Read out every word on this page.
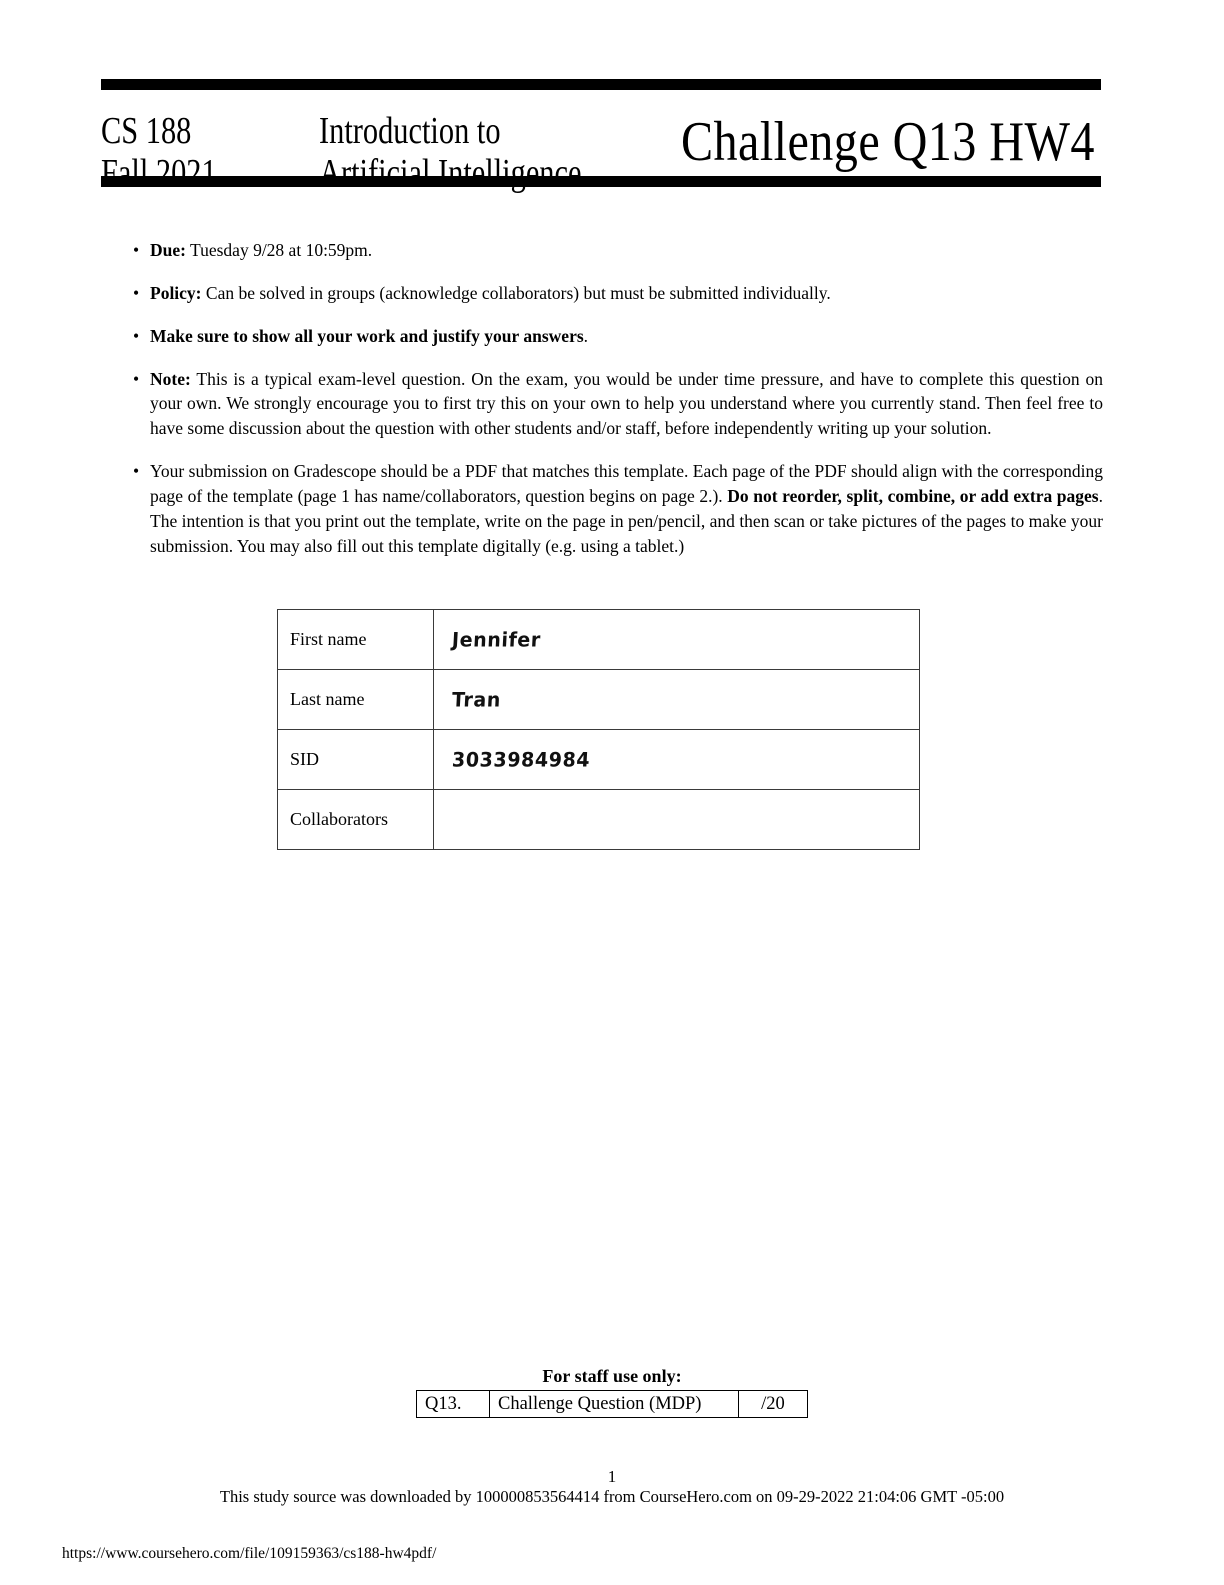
CS 188
Fall 2021
Introduction to
Artificial Intelligence Challenge Q13 HW4
• Due: Tuesday 9/28 at 10:59pm.
• Policy: Can be solved in groups (acknowledge collaborators) but must be submitted individually.
• Make sure to show all your work and justify your answers.
• Note: This is a typical exam-level question. On the exam, you would be under time pressure, and have to complete this question on your own. We strongly encourage you to first try this on your own to help you understand where you currently stand. Then feel free to have some discussion about the question with other students and/or staff, before independently writing up your solution.
• Your submission on Gradescope should be a PDF that matches this template. Each page of the PDF should align with the corresponding page of the template (page 1 has name/collaborators, question begins on page 2.). Do not reorder, split, combine, or add extra pages. The intention is that you print out the template, write on the page in pen/pencil, and then scan or take pictures of the pages to make your submission. You may also fill out this template digitally (e.g. using a tablet.)
First name	Jennifer
Last name	Tran
SID	3033984984
Collaborators	
For staff use only:
Q13.	Challenge Question (MDP)	/20
1
This study source was downloaded by 100000853564414 from CourseHero.com on 09-29-2022 21:04:06 GMT -05:00
https://www.coursehero.com/file/109159363/cs188-hw4pdf/
